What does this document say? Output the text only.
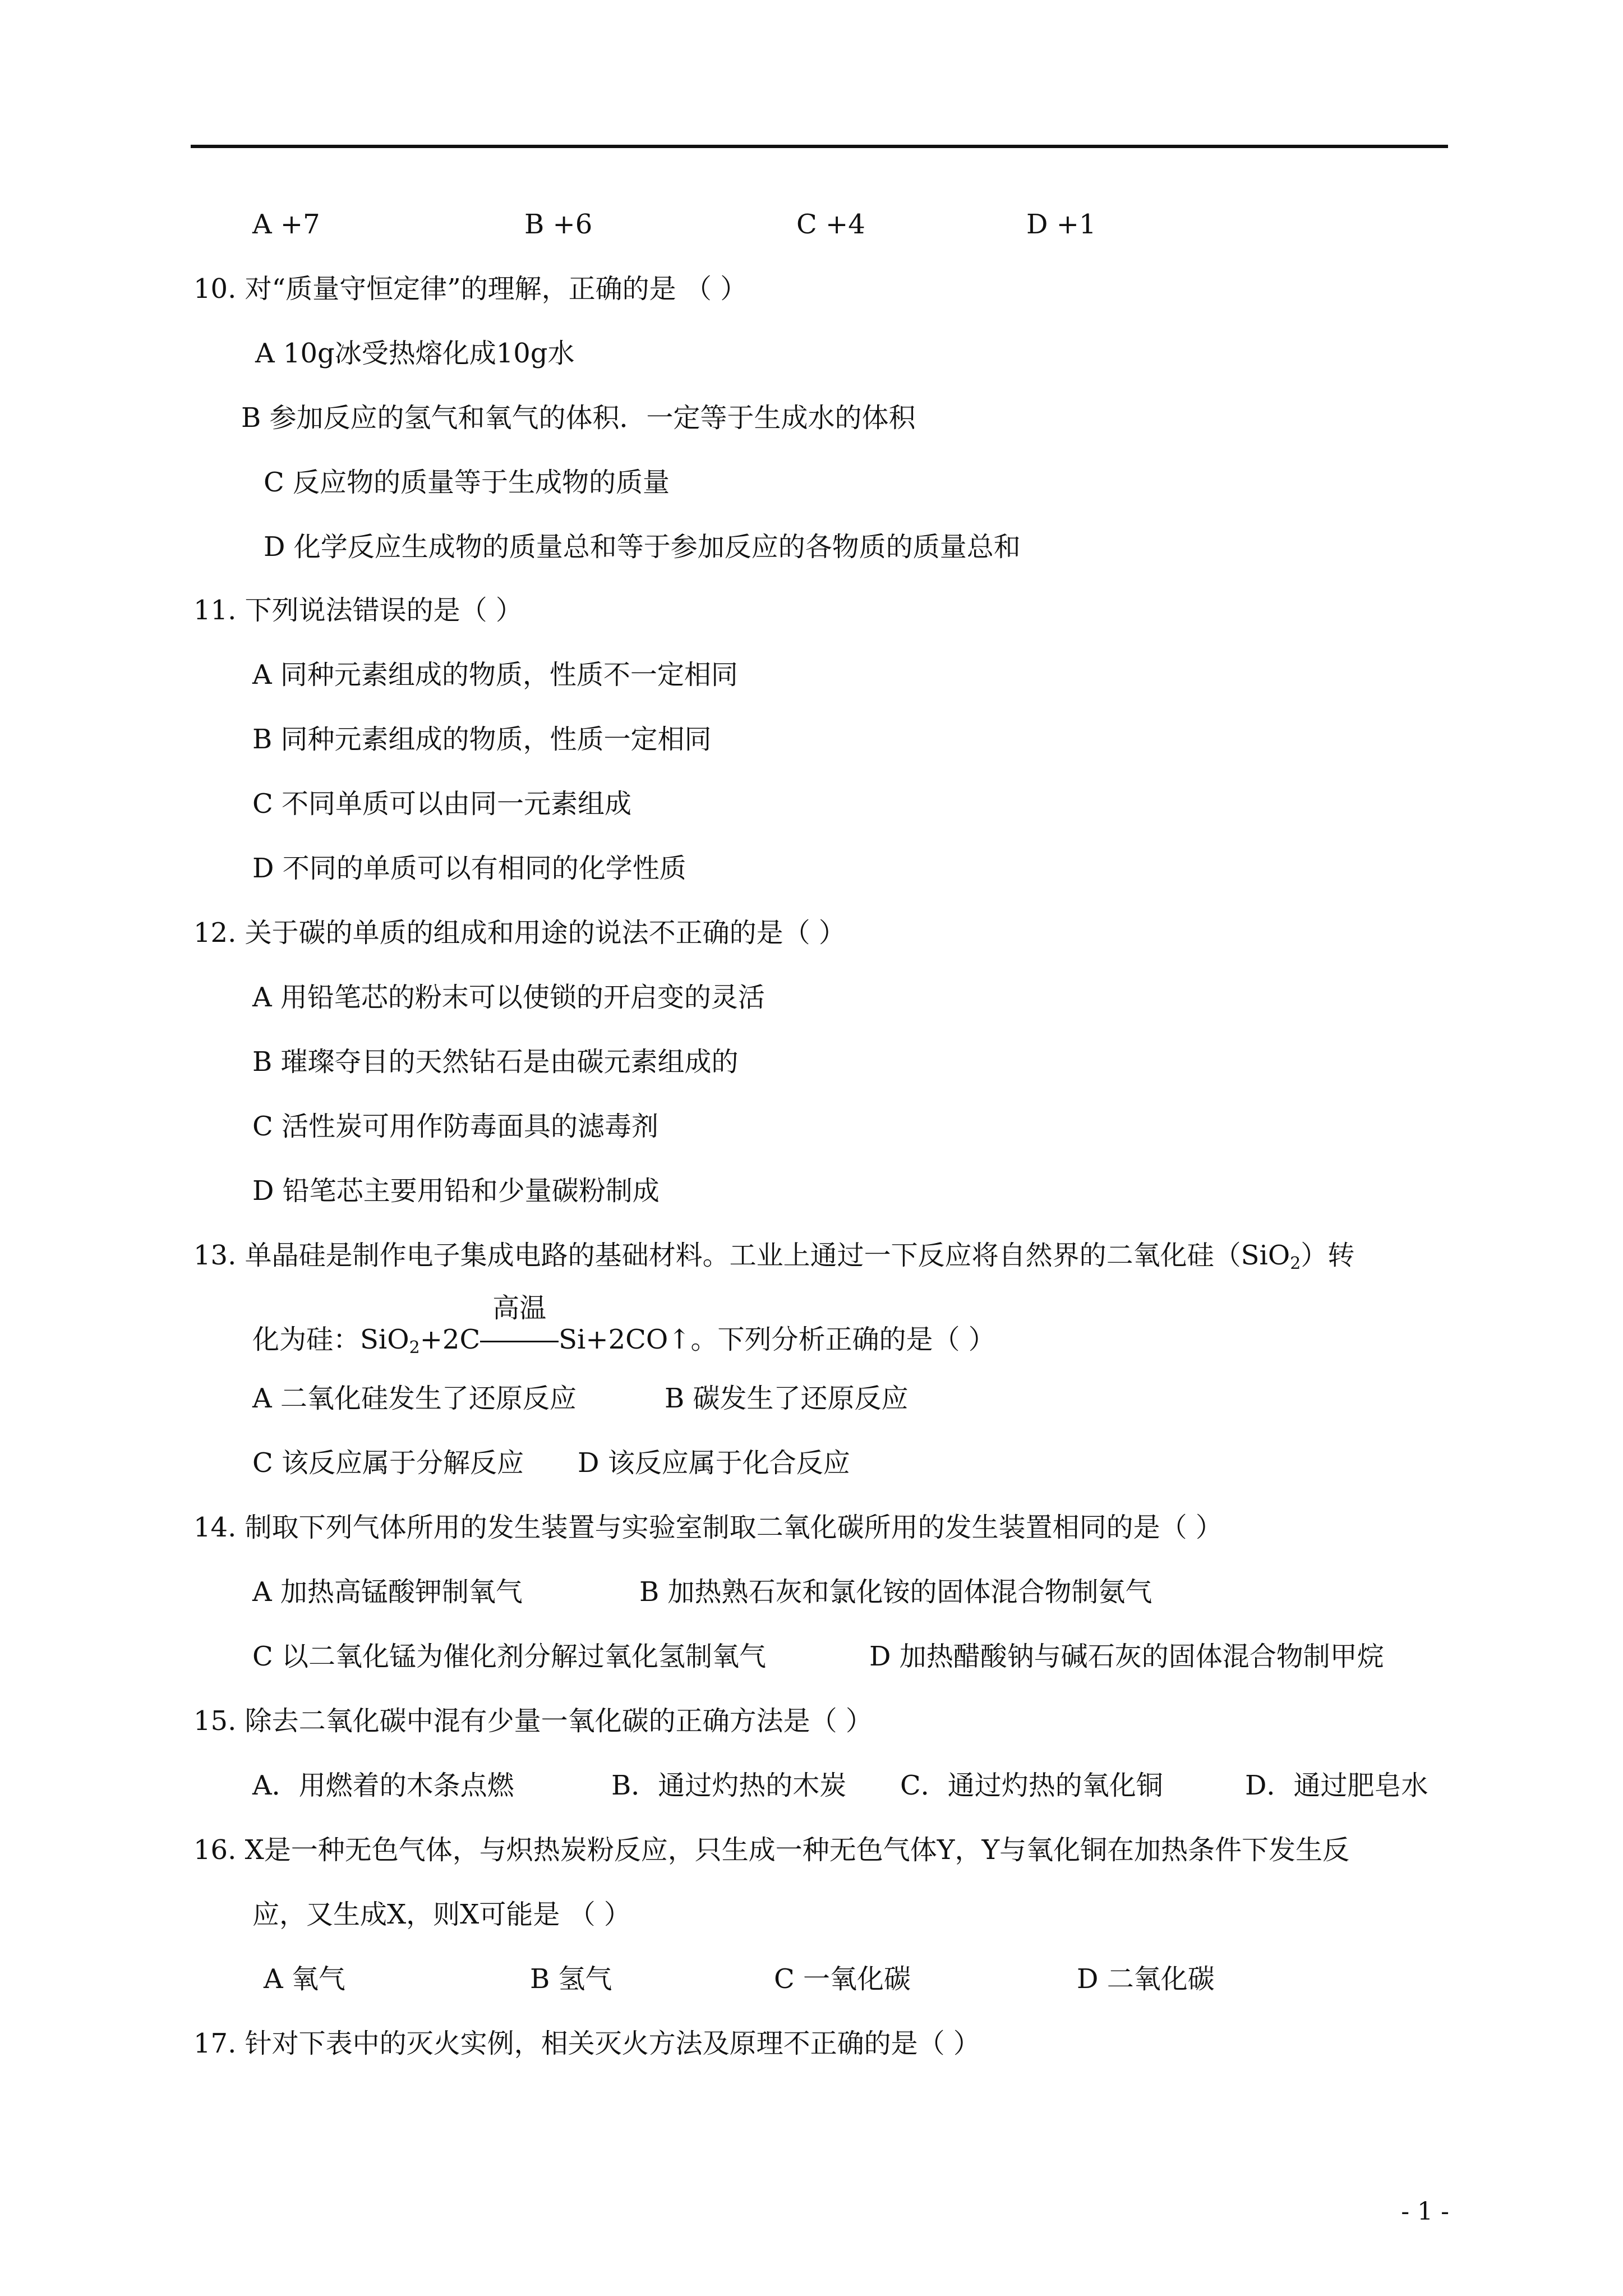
A +7	B +6	C +4	D +1
10. 对“质量守恒定律”的理解，正确的是 （ ）
A 10g冰受热熔化成10g水
B 参加反应的氢气和氧气的体积．一定等于生成水的体积
C 反应物的质量等于生成物的质量
D 化学反应生成物的质量总和等于参加反应的各物质的质量总和
11. 下列说法错误的是（ ）
A 同种元素组成的物质，性质不一定相同
B 同种元素组成的物质，性质一定相同
C 不同单质可以由同一元素组成
D 不同的单质可以有相同的化学性质
12. 关于碳的单质的组成和用途的说法不正确的是（ ）
A 用铅笔芯的粉末可以使锁的开启变的灵活
B 璀璨夺目的天然钻石是由碳元素组成的
C 活性炭可用作防毒面具的滤毒剂
D 铅笔芯主要用铅和少量碳粉制成
13. 单晶硅是制作电子集成电路的基础材料。工业上通过一下反应将自然界的二氧化硅（SiO$_2$）转
化为硅：SiO$_2$+2C
高温
Si+2CO↑。下列分析正确的是（ ）
A 二氧化硅发生了还原反应	B 碳发生了还原反应
C 该反应属于分解反应 D 该反应属于化合反应
14. 制取下列气体所用的发生装置与实验室制取二氧化碳所用的发生装置相同的是（ ）
A 加热高锰酸钾制氧气	B 加热熟石灰和氯化铵的固体混合物制氨气
C 以二氧化锰为催化剂分解过氧化氢制氧气	D 加热醋酸钠与碱石灰的固体混合物制甲烷
15. 除去二氧化碳中混有少量一氧化碳的正确方法是（ ）
A．用燃着的木条点燃	B．通过灼热的木炭 C．通过灼热的氧化铜	D．通过肥皂水
16. X是一种无色气体，与炽热炭粉反应，只生成一种无色气体Y，Y与氧化铜在加热条件下发生反
应，又生成X，则X可能是 （ ）
A 氧气	B 氢气	C 一氧化碳	D 二氧化碳
17. 针对下表中的灭火实例，相关灭火方法及原理不正确的是（ ）
- 1 -
